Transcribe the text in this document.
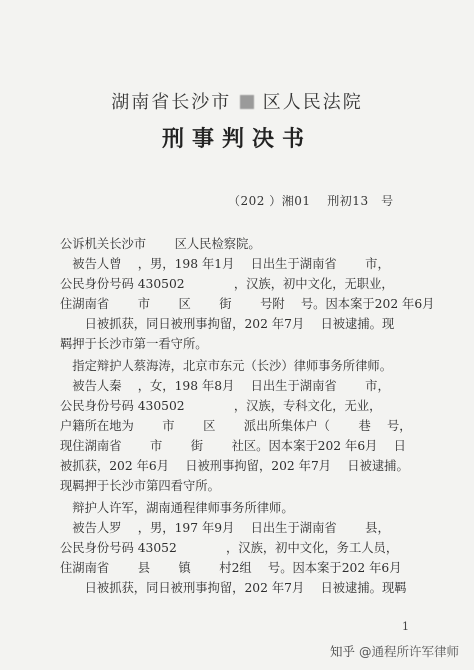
湖南省长沙市 区人民法院
刑事判决书
（202 ）湘01　 刑初13　号
公诉机关长沙市 　　区人民检察院。
　被告人曾 　，男，198 年1月 　日出生于湖南省 　　市，
公民身份号码 430502　　　　，汉族，初中文化，无职业，
住湖南省 　　市 　　区 　　街 　　号附 　号。因本案于202 年6月
　　日被抓获，同日被刑事拘留，202 年7月 　日被逮捕。现
羁押于长沙市第一看守所。
　指定辩护人蔡海涛，北京市东元（长沙）律师事务所律师。
　被告人秦 　，女，198 年8月 　日出生于湖南省 　　市，
公民身份号码 430502　　　　，汉族，专科文化，无业，
户籍所在地为 　　市 　　区 　　派出所集体户（ 　　巷 　号，
现住湖南省 　　市 　　街 　　社区。因本案于202 年6月 　日
被抓获，202 年6月 　日被刑事拘留，202 年7月 　日被逮捕。
现羁押于长沙市第四看守所。
　辩护人许军，湖南通程律师事务所律师。
　被告人罗 　，男，197 年9月 　日出生于湖南省 　　县，
公民身份号码 43052　　　　，汉族，初中文化，务工人员，
住湖南省 　　县 　　镇 　　村2组 　号。因本案于202 年6月
　　日被抓获，同日被刑事拘留，202 年7月 　日被逮捕。现羁
1
知乎 @通程所许军律师
